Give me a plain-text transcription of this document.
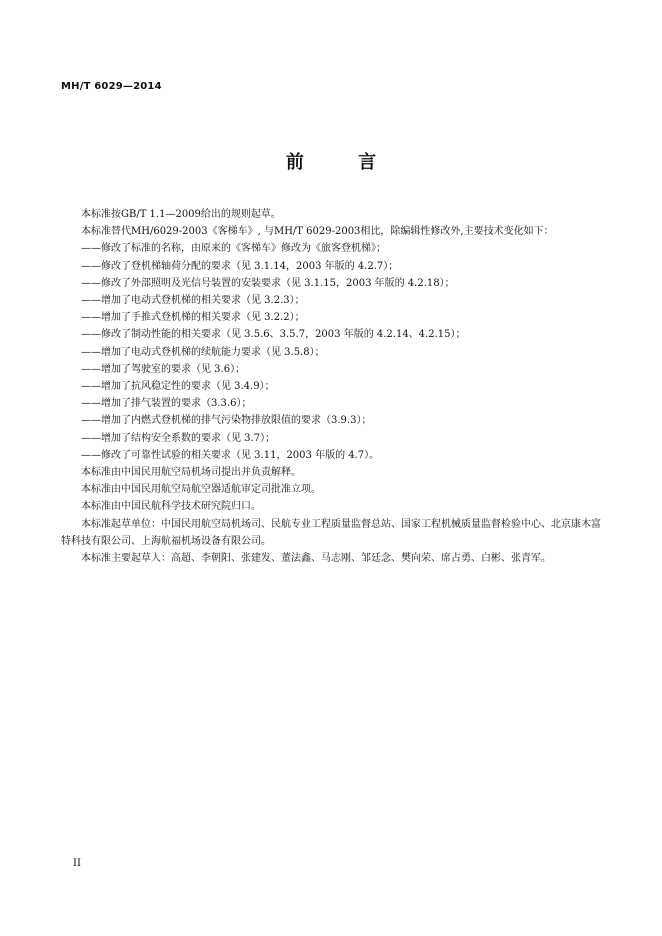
MH/T 6029—2014
前 言

本标准按GB/T 1.1—2009给出的规则起草。

本标准替代MH/6029-2003《客梯车》, 与MH/T 6029-2003相比，除编辑性修改外,主要技术变化如下：

——修改了标准的名称，由原来的《客梯车》修改为《旅客登机梯》；

——修改了登机梯轴荷分配的要求（见 3.1.14，2003 年版的 4.2.7）；

——修改了外部照明及光信号装置的安装要求（见 3.1.15，2003 年版的 4.2.18）；

——增加了电动式登机梯的相关要求（见 3.2.3）；

——增加了手推式登机梯的相关要求（见 3.2.2）；

——修改了制动性能的相关要求（见 3.5.6、3.5.7，2003 年版的 4.2.14、4.2.15）；

——增加了电动式登机梯的续航能力要求（见 3.5.8）；

——增加了驾驶室的要求（见 3.6）；

——增加了抗风稳定性的要求（见 3.4.9）；

——增加了排气装置的要求（3.3.6）；

——增加了内燃式登机梯的排气污染物排放限值的要求（3.9.3）；

——增加了结构安全系数的要求（见 3.7）；

——修改了可靠性试验的相关要求（见 3.11，2003 年版的 4.7）。

本标准由中国民用航空局机场司提出并负责解释。

本标准由中国民用航空局航空器适航审定司批准立项。

本标准由中国民航科学技术研究院归口。

本标准起草单位：中国民用航空局机场司、民航专业工程质量监督总站、国家工程机械质量监督检验中心、北京康木富特科技有限公司、上海航福机场设备有限公司。

本标准主要起草人：高超、李朝阳、张建发、董法鑫、马志刚、邹廷念、樊向荣、席占勇、白彬、张青军。

II
